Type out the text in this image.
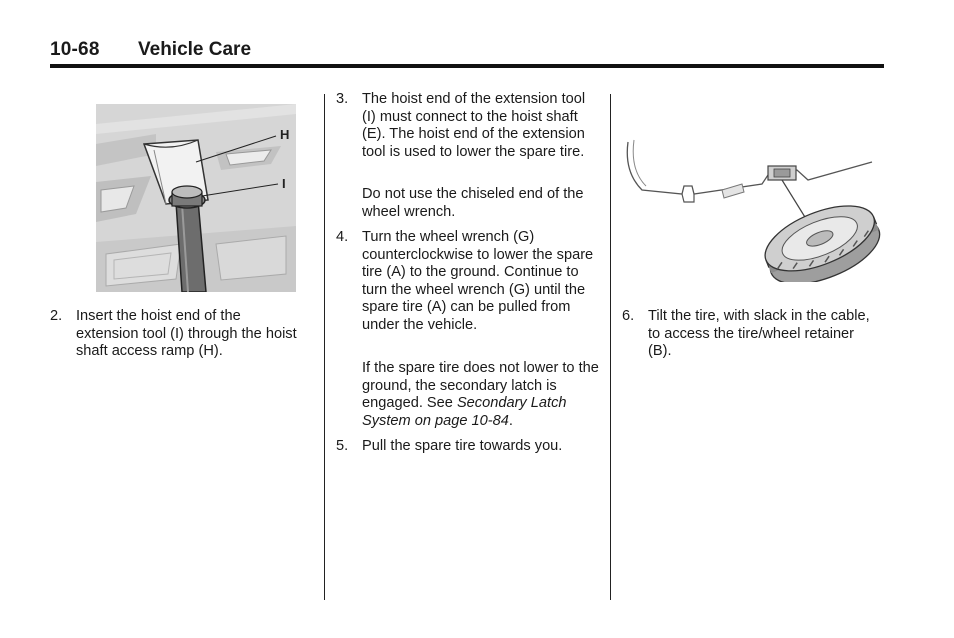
10-68 Vehicle Care
H
I
2. Insert the hoist end of the extension tool (I) through the hoist shaft access ramp (H).
3. The hoist end of the extension tool (I) must connect to the hoist shaft (E). The hoist end of the extension tool is used to lower the spare tire.

Do not use the chiseled end of the wheel wrench.

4. Turn the wheel wrench (G) counterclockwise to lower the spare tire (A) to the ground. Continue to turn the wheel wrench (G) until the spare tire (A) can be pulled from under the vehicle.

If the spare tire does not lower to the ground, the secondary latch is engaged. See Secondary Latch System on page 10-84.

5. Pull the spare tire towards you.
6. Tilt the tire, with slack in the cable, to access the tire/wheel retainer (B).
